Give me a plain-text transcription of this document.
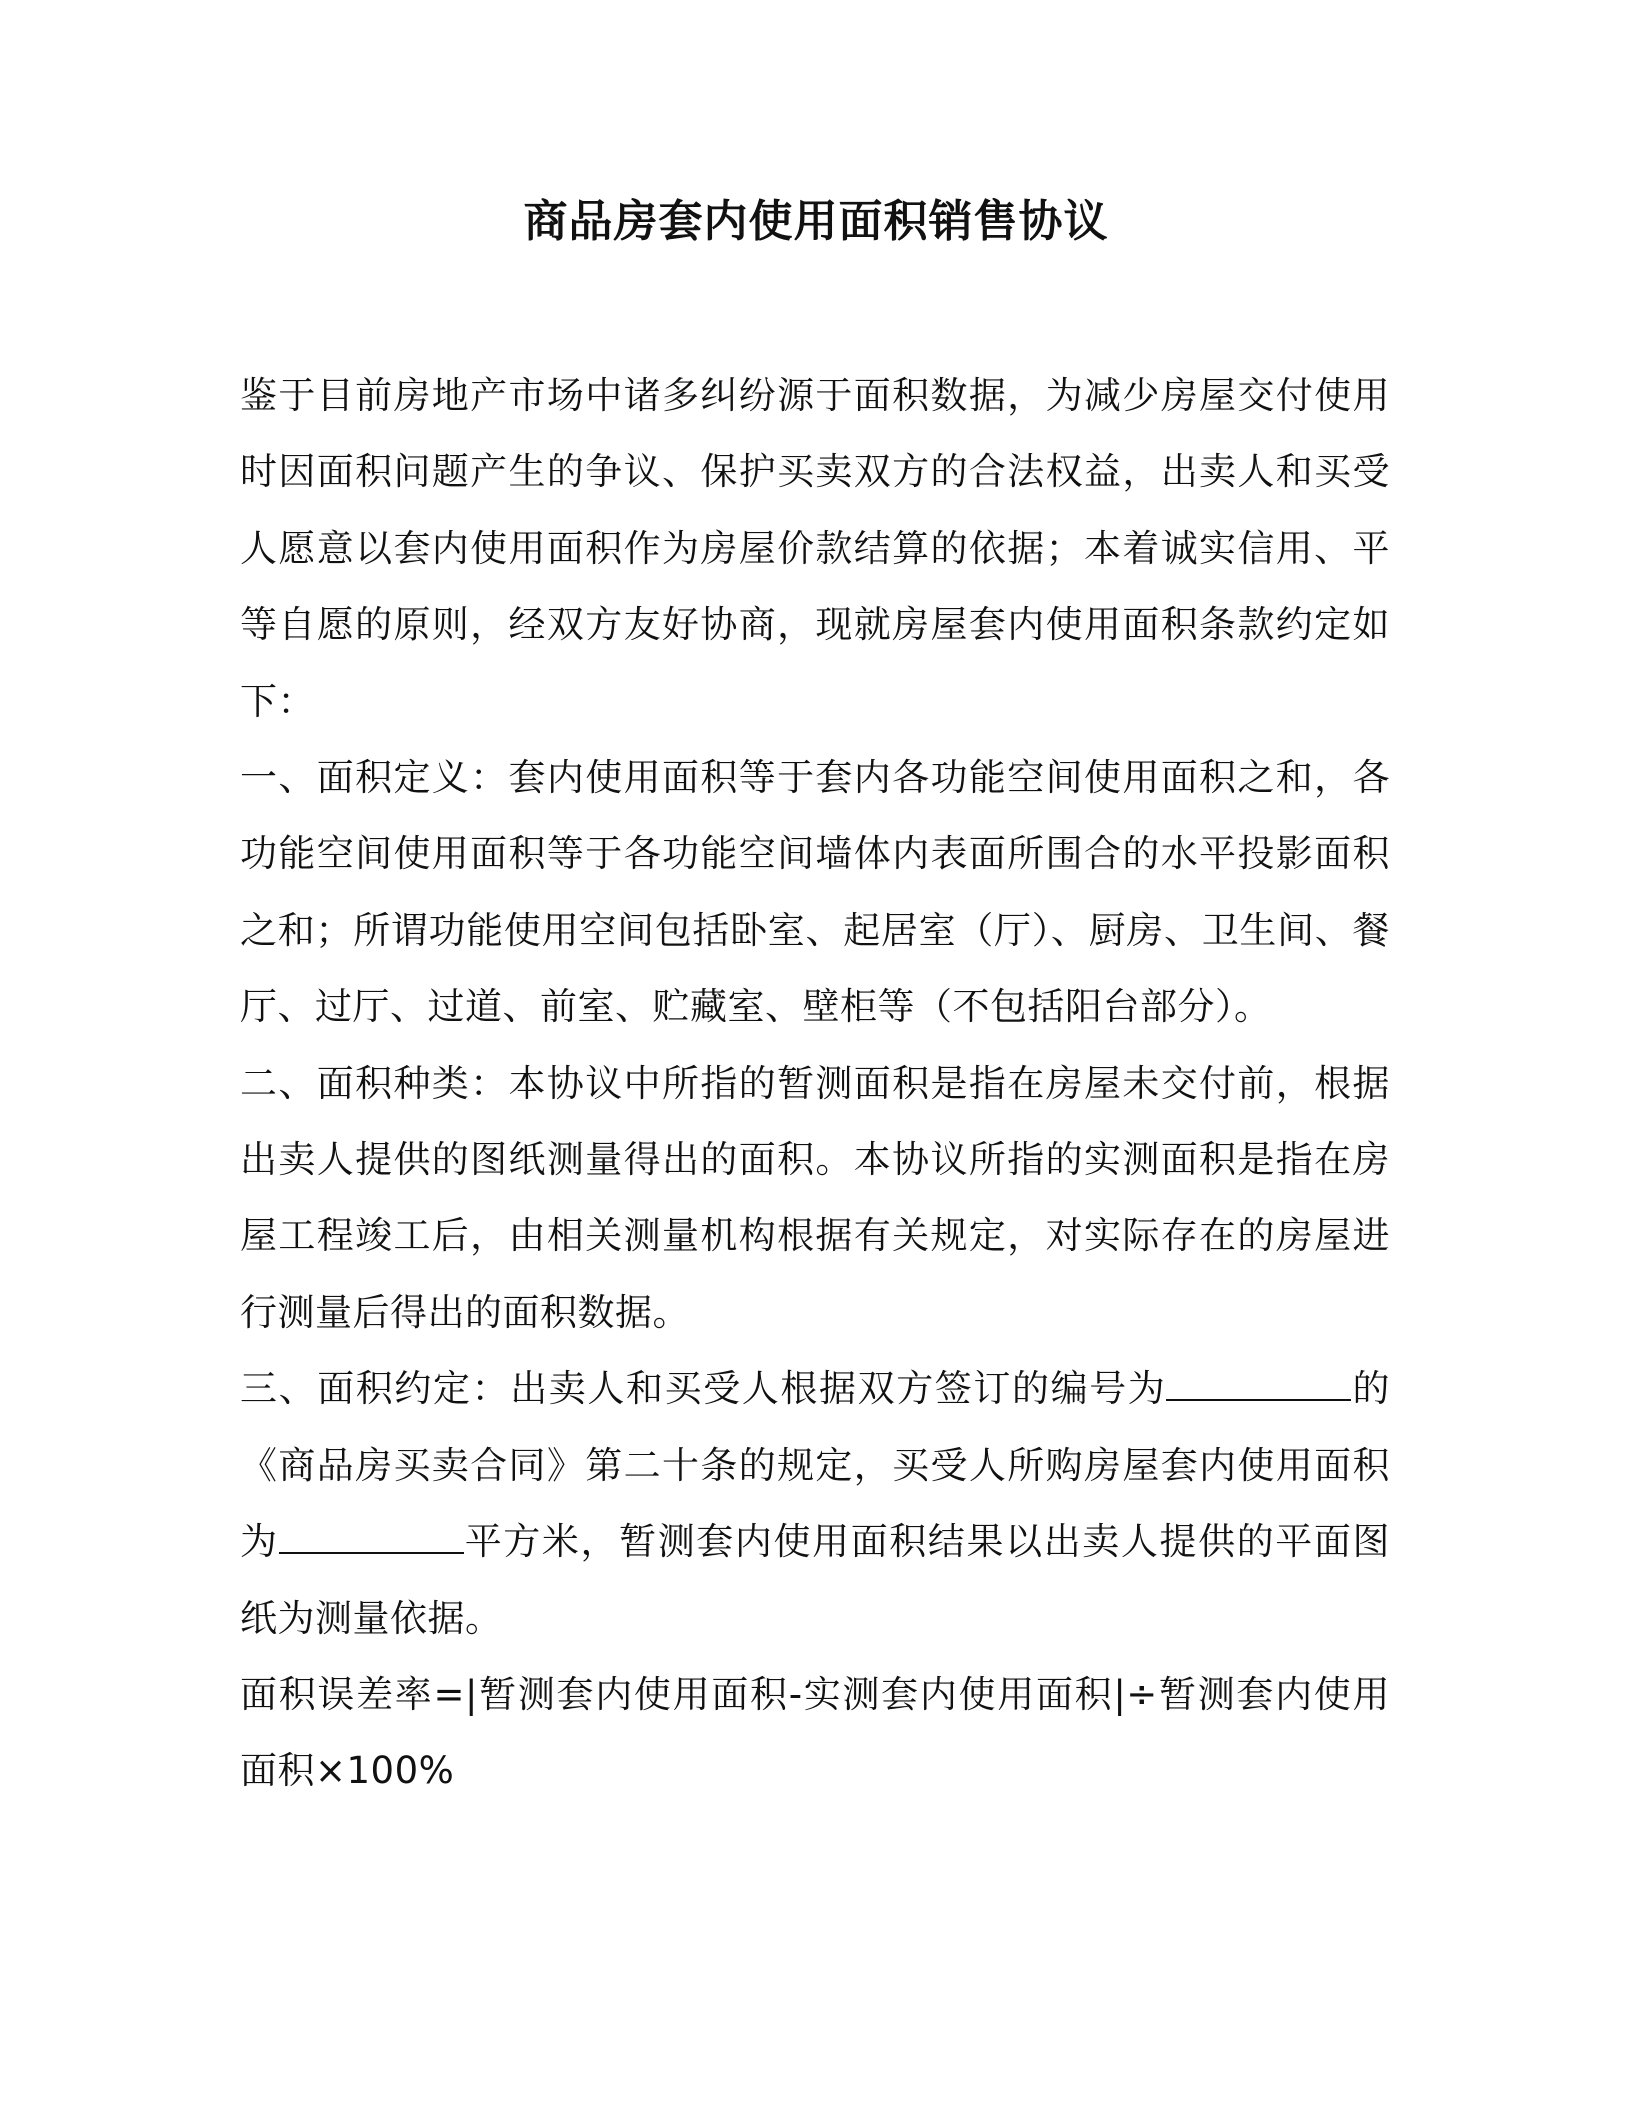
商品房套内使用面积销售协议

鉴于目前房地产市场中诸多纠纷源于面积数据，为减少房屋交付使用时因面积问题产生的争议、保护买卖双方的合法权益，出卖人和买受人愿意以套内使用面积作为房屋价款结算的依据；本着诚实信用、平等自愿的原则，经双方友好协商，现就房屋套内使用面积条款约定如下：

一、面积定义：套内使用面积等于套内各功能空间使用面积之和，各功能空间使用面积等于各功能空间墙体内表面所围合的水平投影面积之和；所谓功能使用空间包括卧室、起居室（厅）、厨房、卫生间、餐厅、过厅、过道、前室、贮藏室、壁柜等（不包括阳台部分）。

二、面积种类：本协议中所指的暂测面积是指在房屋未交付前，根据出卖人提供的图纸测量得出的面积。本协议所指的实测面积是指在房屋工程竣工后，由相关测量机构根据有关规定，对实际存在的房屋进行测量后得出的面积数据。

三、面积约定：出卖人和买受人根据双方签订的编号为	的《商品房买卖合同》第二十条的规定，买受人所购房屋套内使用面积为	平方米，暂测套内使用面积结果以出卖人提供的平面图纸为测量依据。

面积误差率=|暂测套内使用面积-实测套内使用面积|÷暂测套内使用面积×100%
